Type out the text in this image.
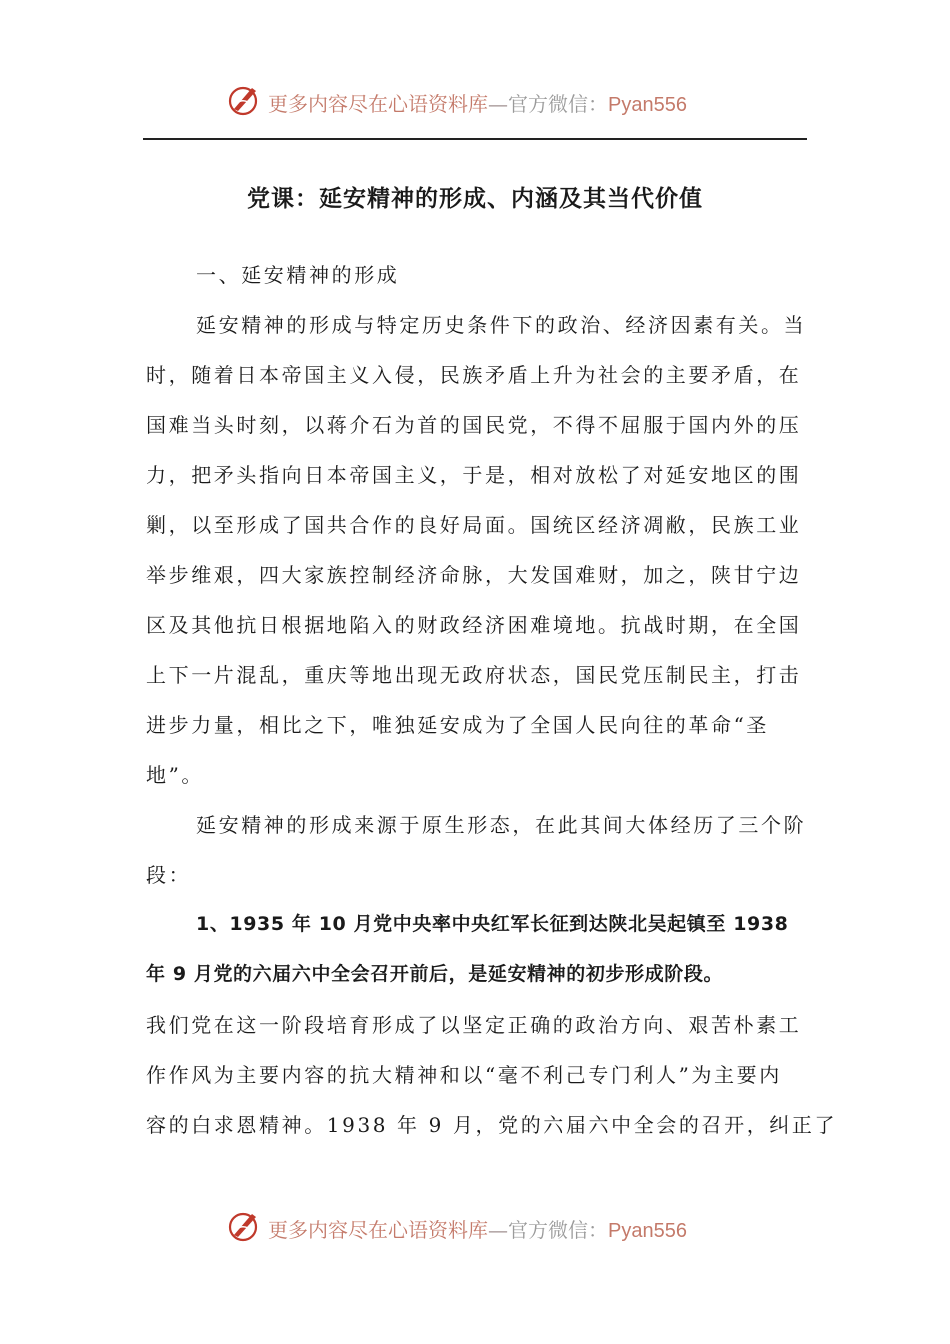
更多内容尽在心语资料库—官方微信：Pyan556
党课：延安精神的形成、内涵及其当代价值
一、延安精神的形成
延安精神的形成与特定历史条件下的政治、经济因素有关。当
时，随着日本帝国主义入侵，民族矛盾上升为社会的主要矛盾，在
国难当头时刻，以蒋介石为首的国民党，不得不屈服于国内外的压
力，把矛头指向日本帝国主义，于是，相对放松了对延安地区的围
剿，以至形成了国共合作的良好局面。国统区经济凋敝，民族工业
举步维艰，四大家族控制经济命脉，大发国难财，加之，陕甘宁边
区及其他抗日根据地陷入的财政经济困难境地。抗战时期，在全国
上下一片混乱，重庆等地出现无政府状态，国民党压制民主，打击
进步力量，相比之下，唯独延安成为了全国人民向往的革命“圣
地”。
延安精神的形成来源于原生形态，在此其间大体经历了三个阶
段：
1、1935 年 10 月党中央率中央红军长征到达陕北吴起镇至 1938
年 9 月党的六届六中全会召开前后，是延安精神的初步形成阶段。
我们党在这一阶段培育形成了以坚定正确的政治方向、艰苦朴素工
作作风为主要内容的抗大精神和以“毫不利己专门利人”为主要内
容的白求恩精神。1938 年 9 月，党的六届六中全会的召开，纠正了
更多内容尽在心语资料库—官方微信：Pyan556
